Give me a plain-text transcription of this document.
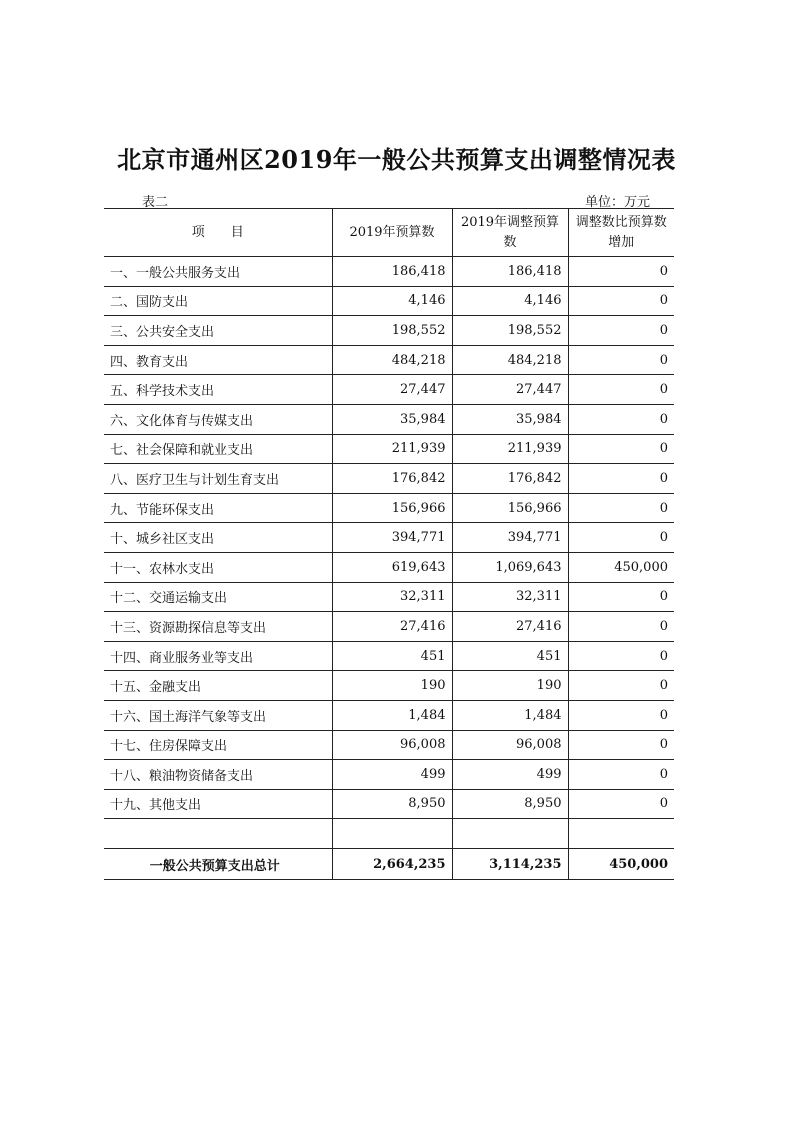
北京市通州区2019年一般公共预算支出调整情况表
表二	单位：万元
项　　目	2019年预算数	2019年调整预算数	调整数比预算数增加
一、一般公共服务支出	186,418	186,418	0
二、国防支出	4,146	4,146	0
三、公共安全支出	198,552	198,552	0
四、教育支出	484,218	484,218	0
五、科学技术支出	27,447	27,447	0
六、文化体育与传媒支出	35,984	35,984	0
七、社会保障和就业支出	211,939	211,939	0
八、医疗卫生与计划生育支出	176,842	176,842	0
九、节能环保支出	156,966	156,966	0
十、城乡社区支出	394,771	394,771	0
十一、农林水支出	619,643	1,069,643	450,000
十二、交通运输支出	32,311	32,311	0
十三、资源勘探信息等支出	27,416	27,416	0
十四、商业服务业等支出	451	451	0
十五、金融支出	190	190	0
十六、国土海洋气象等支出	1,484	1,484	0
十七、住房保障支出	96,008	96,008	0
十八、粮油物资储备支出	499	499	0
十九、其他支出	8,950	8,950	0

一般公共预算支出总计	2,664,235	3,114,235	450,000
